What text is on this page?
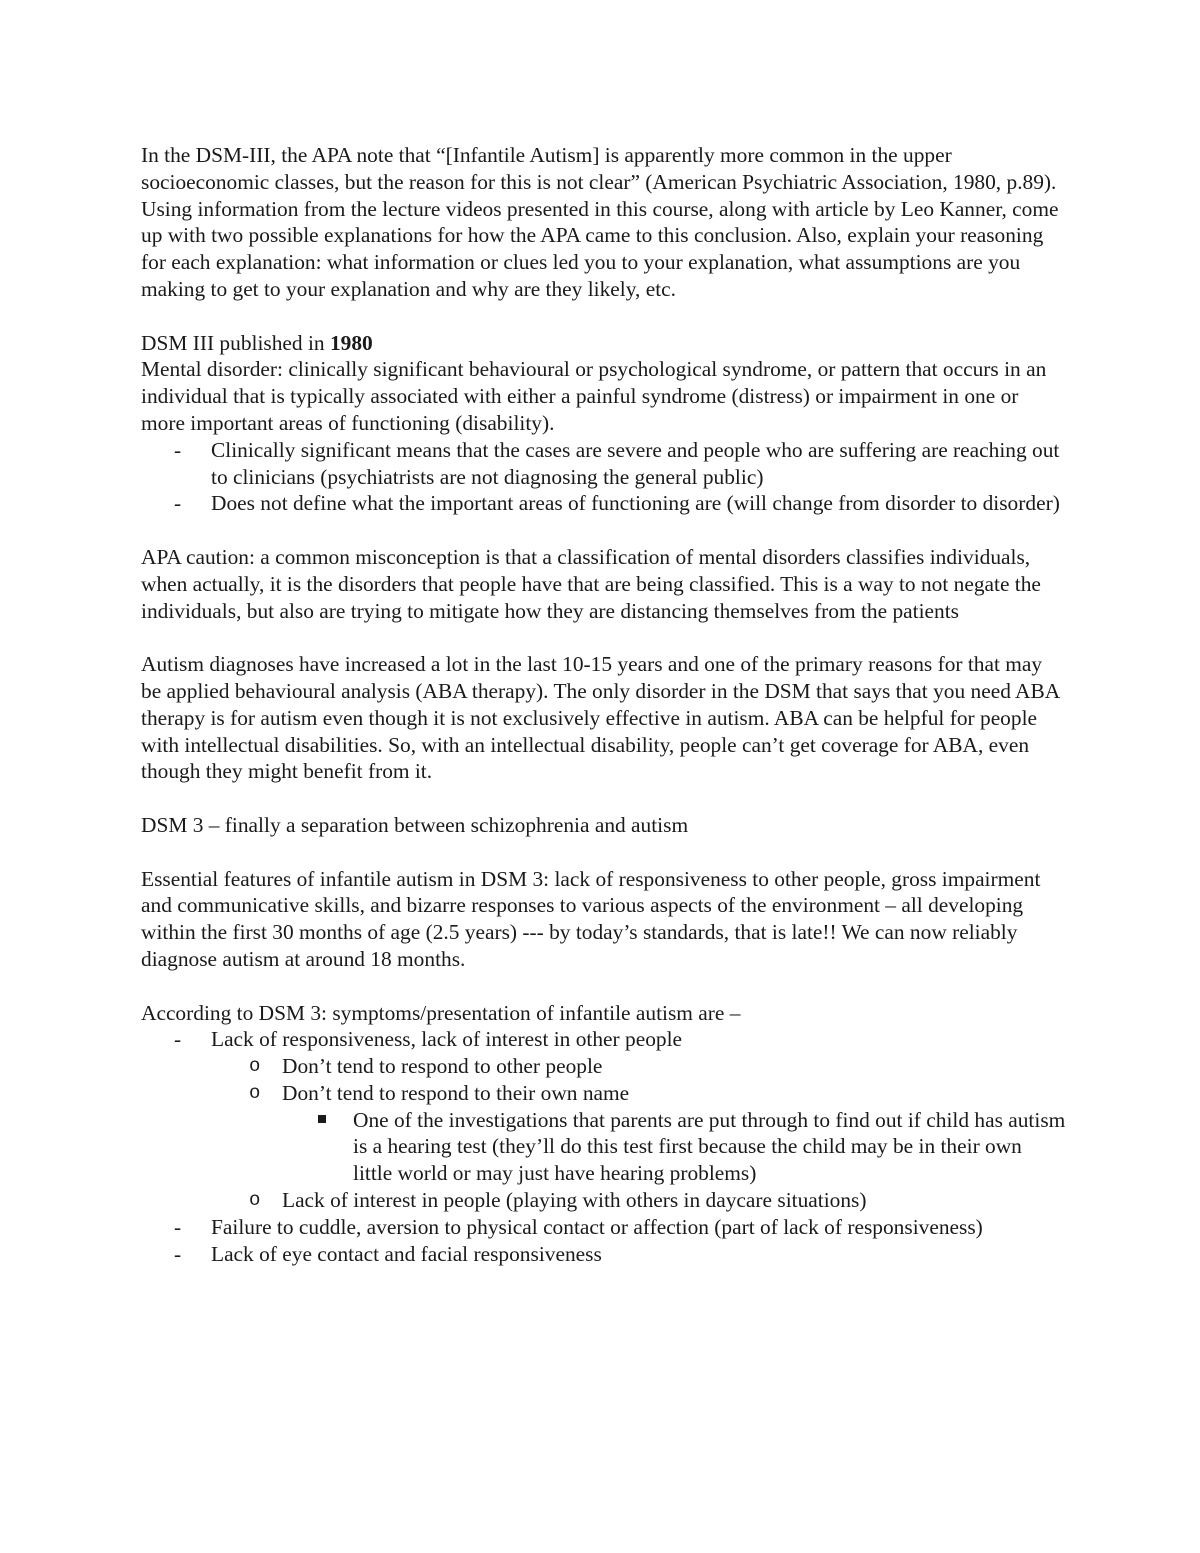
In the DSM-III, the APA note that “[Infantile Autism] is apparently more common in the upper socioeconomic classes, but the reason for this is not clear” (American Psychiatric Association, 1980, p.89). Using information from the lecture videos presented in this course, along with article by Leo Kanner, come up with two possible explanations for how the APA came to this conclusion. Also, explain your reasoning for each explanation: what information or clues led you to your explanation, what assumptions are you making to get to your explanation and why are they likely, etc.

DSM III published in 1980

Mental disorder: clinically significant behavioural or psychological syndrome, or pattern that occurs in an individual that is typically associated with either a painful syndrome (distress) or impairment in one or more important areas of functioning (disability).

- Clinically significant means that the cases are severe and people who are suffering are reaching out to clinicians (psychiatrists are not diagnosing the general public)
- Does not define what the important areas of functioning are (will change from disorder to disorder)

APA caution: a common misconception is that a classification of mental disorders classifies individuals, when actually, it is the disorders that people have that are being classified. This is a way to not negate the individuals, but also are trying to mitigate how they are distancing themselves from the patients

Autism diagnoses have increased a lot in the last 10-15 years and one of the primary reasons for that may be applied behavioural analysis (ABA therapy). The only disorder in the DSM that says that you need ABA therapy is for autism even though it is not exclusively effective in autism. ABA can be helpful for people with intellectual disabilities. So, with an intellectual disability, people can’t get coverage for ABA, even though they might benefit from it.

DSM 3 – finally a separation between schizophrenia and autism

Essential features of infantile autism in DSM 3: lack of responsiveness to other people, gross impairment and communicative skills, and bizarre responses to various aspects of the environment – all developing within the first 30 months of age (2.5 years) --- by today’s standards, that is late!! We can now reliably diagnose autism at around 18 months.

According to DSM 3: symptoms/presentation of infantile autism are –

- Lack of responsiveness, lack of interest in other people
o Don’t tend to respond to other people
o Don’t tend to respond to their own name
One of the investigations that parents are put through to find out if child has autism is a hearing test (they’ll do this test first because the child may be in their own little world or may just have hearing problems)
o Lack of interest in people (playing with others in daycare situations)
- Failure to cuddle, aversion to physical contact or affection (part of lack of responsiveness)
- Lack of eye contact and facial responsiveness
